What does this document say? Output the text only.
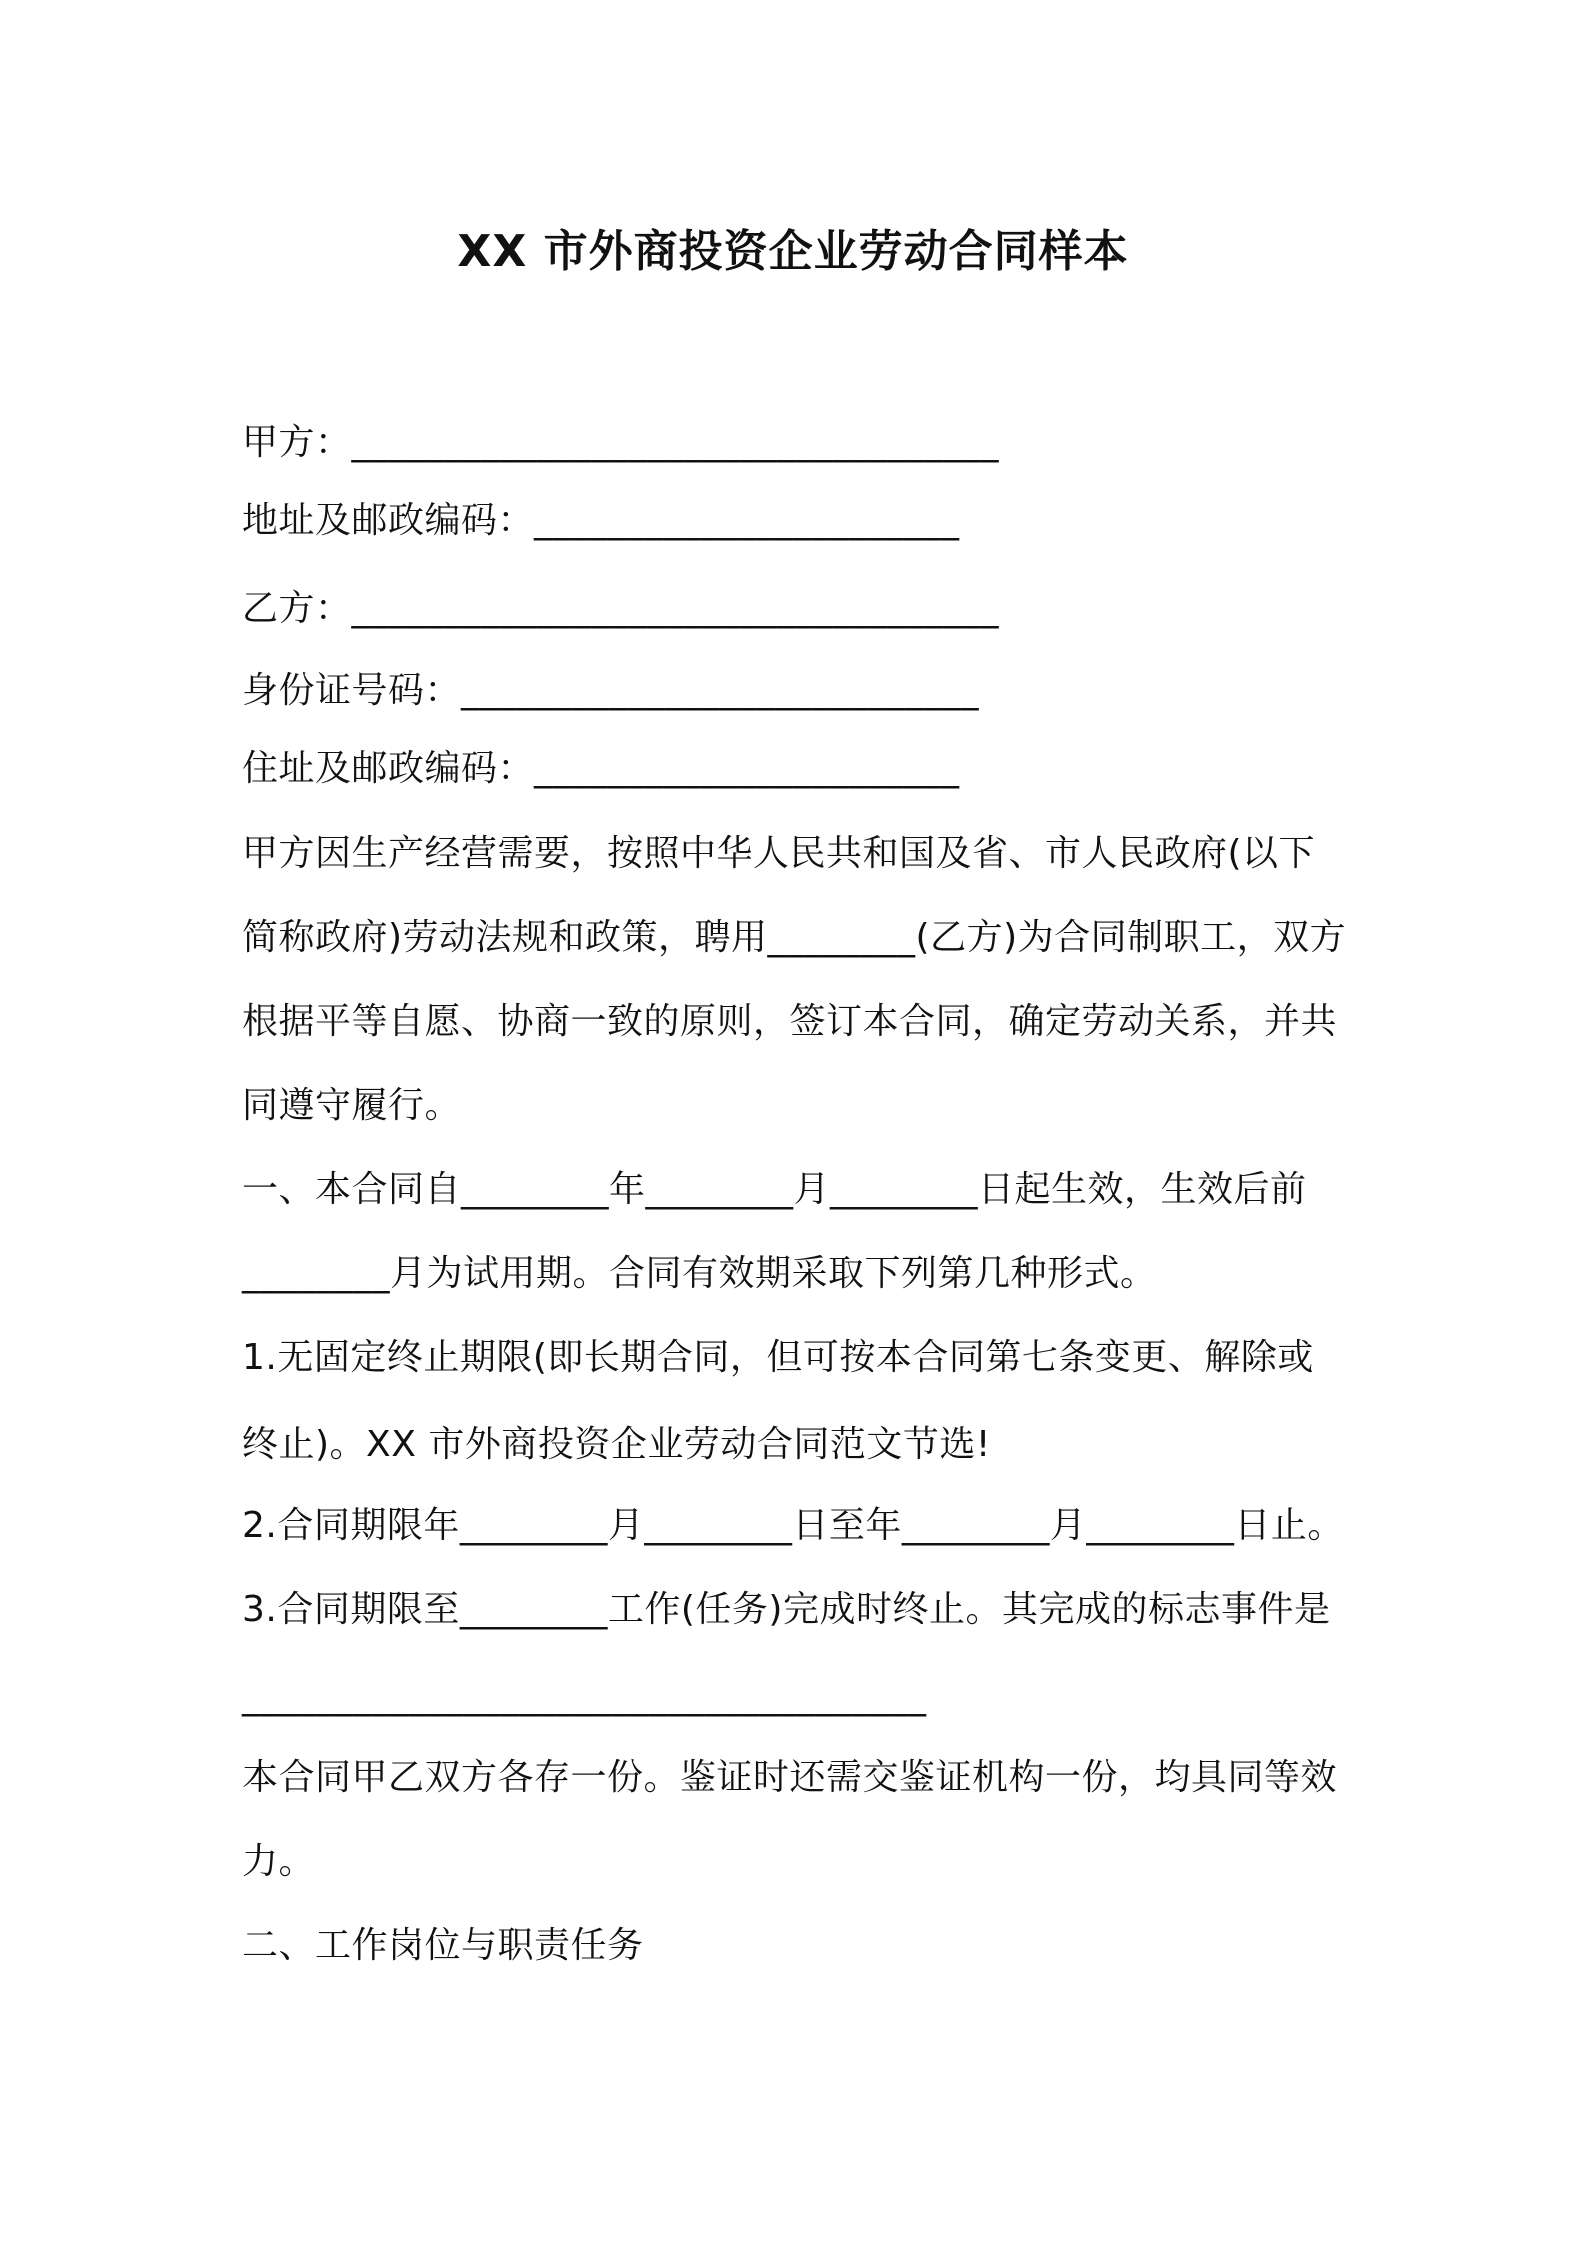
XX 市外商投资企业劳动合同样本
甲方：___________________________________
地址及邮政编码：_______________________
乙方：___________________________________
身份证号码：____________________________
住址及邮政编码：_______________________
甲方因生产经营需要，按照中华人民共和国及省、市人民政府(以下
简称政府)劳动法规和政策，聘用________(乙方)为合同制职工，双方
根据平等自愿、协商一致的原则，签订本合同，确定劳动关系，并共
同遵守履行。
一、本合同自________年________月________日起生效，生效后前
________月为试用期。合同有效期采取下列第几种形式。
1.无固定终止期限(即长期合同，但可按本合同第七条变更、解除或
终止)。XX 市外商投资企业劳动合同范文节选!
2.合同期限年________月________日至年________月________日止。
3.合同期限至________工作(任务)完成时终止。其完成的标志事件是
_____________________________________
本合同甲乙双方各存一份。鉴证时还需交鉴证机构一份，均具同等效
力。
二、工作岗位与职责任务
